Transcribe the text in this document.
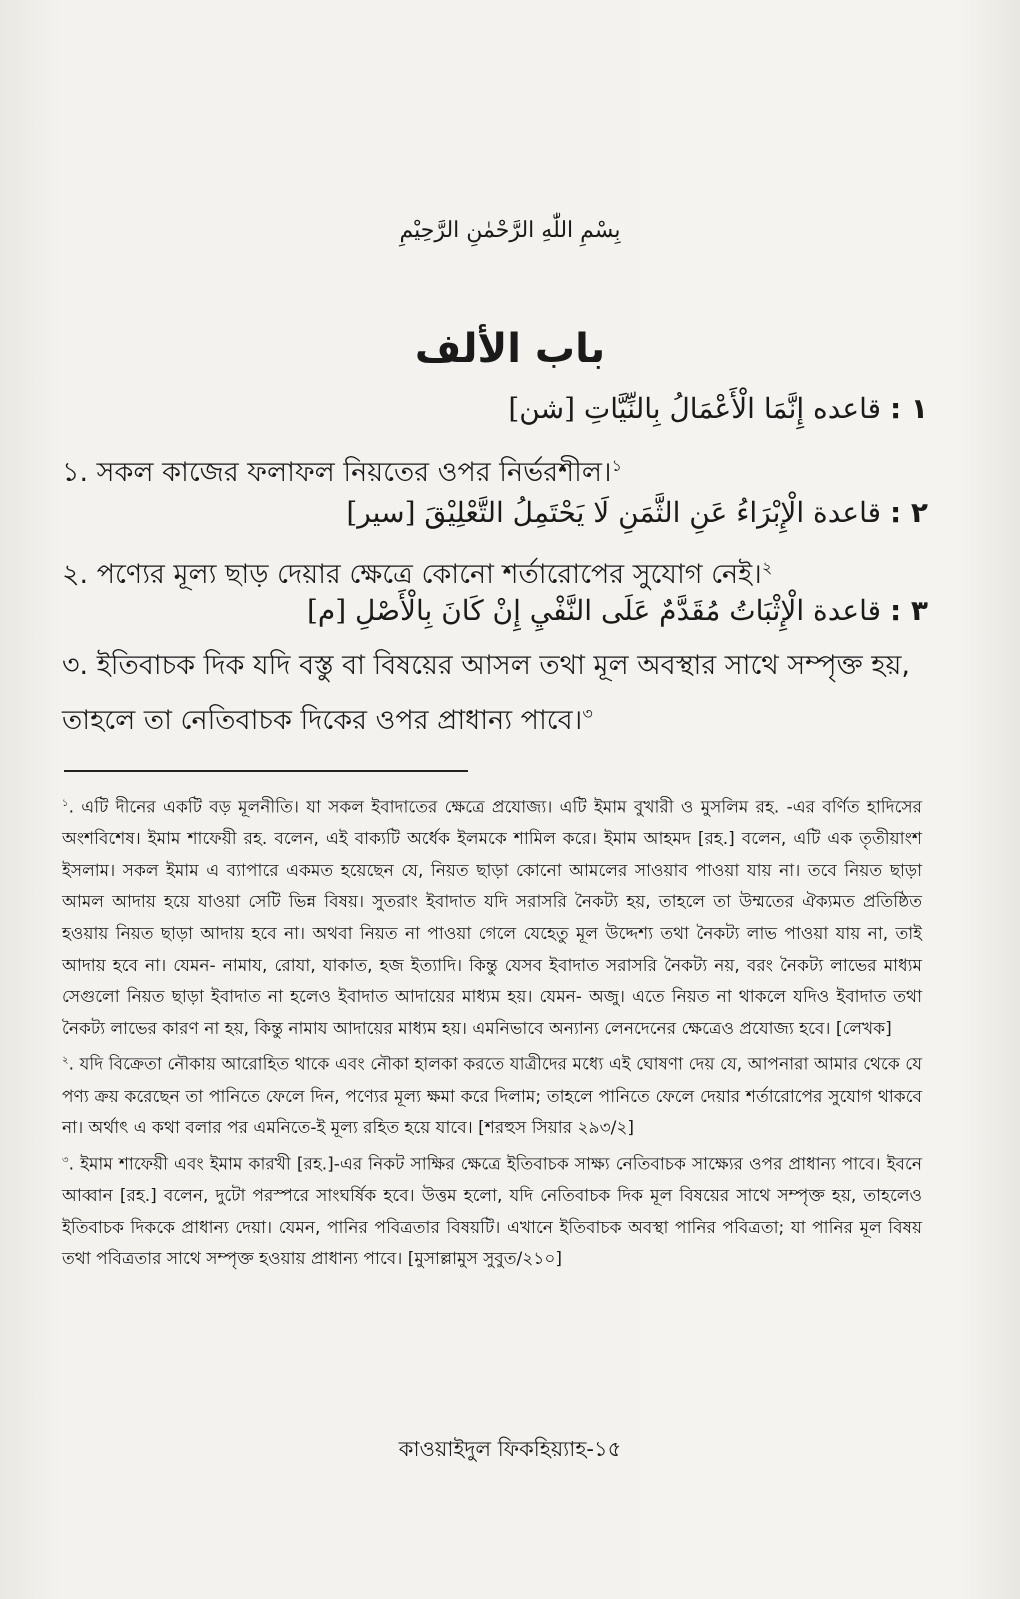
بِسْمِ اللّٰهِ الرَّحْمٰنِ الرَّحِيْمِ
باب الألف
١ : قاعده إِنَّمَا الْأَعْمَالُ بِالنِّيَّاتِ [شن]
১. সকল কাজের ফলাফল নিয়তের ওপর নির্ভরশীল।$^১$
٢ : قاعدة الْإِبْرَاءُ عَنِ الثَّمَنِ لَا يَحْتَمِلُ التَّعْلِيْقَ [سير]
২. পণ্যের মূল্য ছাড় দেয়ার ক্ষেত্রে কোনো শর্তারোপের সুযোগ নেই।$^২$
٣ : قاعدة الْإِثْبَاتُ مُقَدَّمٌ عَلَى النَّفْيِ إِنْ كَانَ بِالْأَصْلِ [م]
৩. ইতিবাচক দিক যদি বস্তু বা বিষয়ের আসল তথা মূল অবস্থার সাথে সম্পৃক্ত হয়, তাহলে তা নেতিবাচক দিকের ওপর প্রাধান্য পাবে।$^৩$

$^১$. এটি দীনের একটি বড় মূলনীতি। যা সকল ইবাদাতের ক্ষেত্রে প্রযোজ্য। এটি ইমাম বুখারী ও মুসলিম রহ. -এর বর্ণিত হাদিসের অংশবিশেষ। ইমাম শাফেয়ী রহ. বলেন, এই বাক্যটি অর্ধেক ইলমকে শামিল করে। ইমাম আহমদ [রহ.] বলেন, এটি এক তৃতীয়াংশ ইসলাম। সকল ইমাম এ ব্যাপারে একমত হয়েছেন যে, নিয়ত ছাড়া কোনো আমলের সাওয়াব পাওয়া যায় না। তবে নিয়ত ছাড়া আমল আদায় হয়ে যাওয়া সেটি ভিন্ন বিষয়। সুতরাং ইবাদাত যদি সরাসরি নৈকট্য হয়, তাহলে তা উম্মতের ঐক্যমত প্রতিষ্ঠিত হওয়ায় নিয়ত ছাড়া আদায় হবে না। অথবা নিয়ত না পাওয়া গেলে যেহেতু মূল উদ্দেশ্য তথা নৈকট্য লাভ পাওয়া যায় না, তাই আদায় হবে না। যেমন- নামায, রোযা, যাকাত, হজ ইত্যাদি। কিন্তু যেসব ইবাদাত সরাসরি নৈকট্য নয়, বরং নৈকট্য লাভের মাধ্যম সেগুলো নিয়ত ছাড়া ইবাদাত না হলেও ইবাদাত আদায়ের মাধ্যম হয়। যেমন- অজু। এতে নিয়ত না থাকলে যদিও ইবাদাত তথা নৈকট্য লাভের কারণ না হয়, কিন্তু নামায আদায়ের মাধ্যম হয়। এমনিভাবে অন্যান্য লেনদেনের ক্ষেত্রেও প্রযোজ্য হবে। [লেখক]

$^২$. যদি বিক্রেতা নৌকায় আরোহিত থাকে এবং নৌকা হালকা করতে যাত্রীদের মধ্যে এই ঘোষণা দেয় যে, আপনারা আমার থেকে যে পণ্য ক্রয় করেছেন তা পানিতে ফেলে দিন, পণ্যের মূল্য ক্ষমা করে দিলাম; তাহলে পানিতে ফেলে দেয়ার শর্তারোপের সুযোগ থাকবে না। অর্থাৎ এ কথা বলার পর এমনিতে-ই মূল্য রহিত হয়ে যাবে। [শরহুস সিয়ার ২৯৩/২]

$^৩$. ইমাম শাফেয়ী এবং ইমাম কারখী [রহ.]-এর নিকট সাক্ষির ক্ষেত্রে ইতিবাচক সাক্ষ্য নেতিবাচক সাক্ষ্যের ওপর প্রাধান্য পাবে। ইবনে আব্বান [রহ.] বলেন, দুটো পরস্পরে সাংঘর্ষিক হবে। উত্তম হলো, যদি নেতিবাচক দিক মূল বিষয়ের সাথে সম্পৃক্ত হয়, তাহলেও ইতিবাচক দিককে প্রাধান্য দেয়া। যেমন, পানির পবিত্রতার বিষয়টি। এখানে ইতিবাচক অবস্থা পানির পবিত্রতা; যা পানির মূল বিষয় তথা পবিত্রতার সাথে সম্পৃক্ত হওয়ায় প্রাধান্য পাবে। [মুসাল্লামুস সুবুত/২১০]

কাওয়াইদুল ফিকহিয়্যাহ-১৫
